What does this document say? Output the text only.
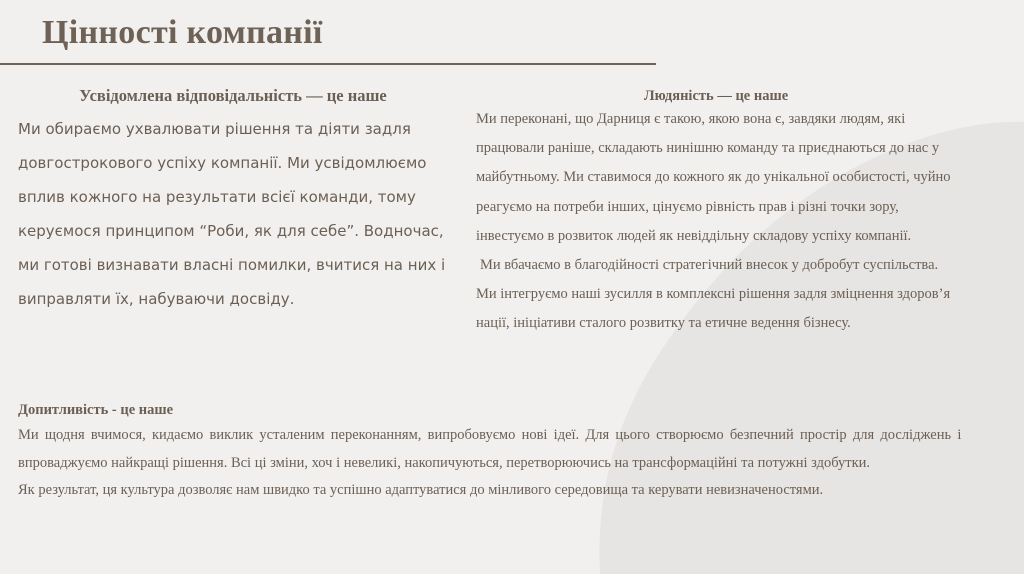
Цінності компанії
Усвідомлена відповідальність — це наше

Ми обираємо ухвалювати рішення та діяти задля довгострокового успіху компанії. Ми усвідомлюємо вплив кожного на результати всієї команди, тому керуємося принципом “Роби, як для себе”. Водночас, ми готові визнавати власні помилки, вчитися на них і виправляти їх, набуваючи досвіду.

Людяність — це наше

Ми переконані, що Дарниця є такою, якою вона є, завдяки людям, які працювали раніше, складають нинішню команду та приєднаються до нас у майбутньому. Ми ставимося до кожного як до унікальної особистості, чуйно реагуємо на потреби інших, цінуємо рівність прав і різні точки зору, інвестуємо в розвиток людей як невіддільну складову успіху компанії.

Ми вбачаємо в благодійності стратегічний внесок у добробут суспільства. Ми інтегруємо наші зусилля в комплексні рішення задля зміцнення здоров’я нації, ініціативи сталого розвитку та етичне ведення бізнесу.

Допитливість - це наше

Ми щодня вчимося, кидаємо виклик усталеним переконанням, випробовуємо нові ідеї. Для цього створюємо безпечний простір для досліджень і

впроваджуємо найкращі рішення. Всі ці зміни, хоч і невеликі, накопичуються, перетворюючись на трансформаційні та потужні здобутки.

Як результат, ця культура дозволяє нам швидко та успішно адаптуватися до мінливого середовища та керувати невизначеностями.
